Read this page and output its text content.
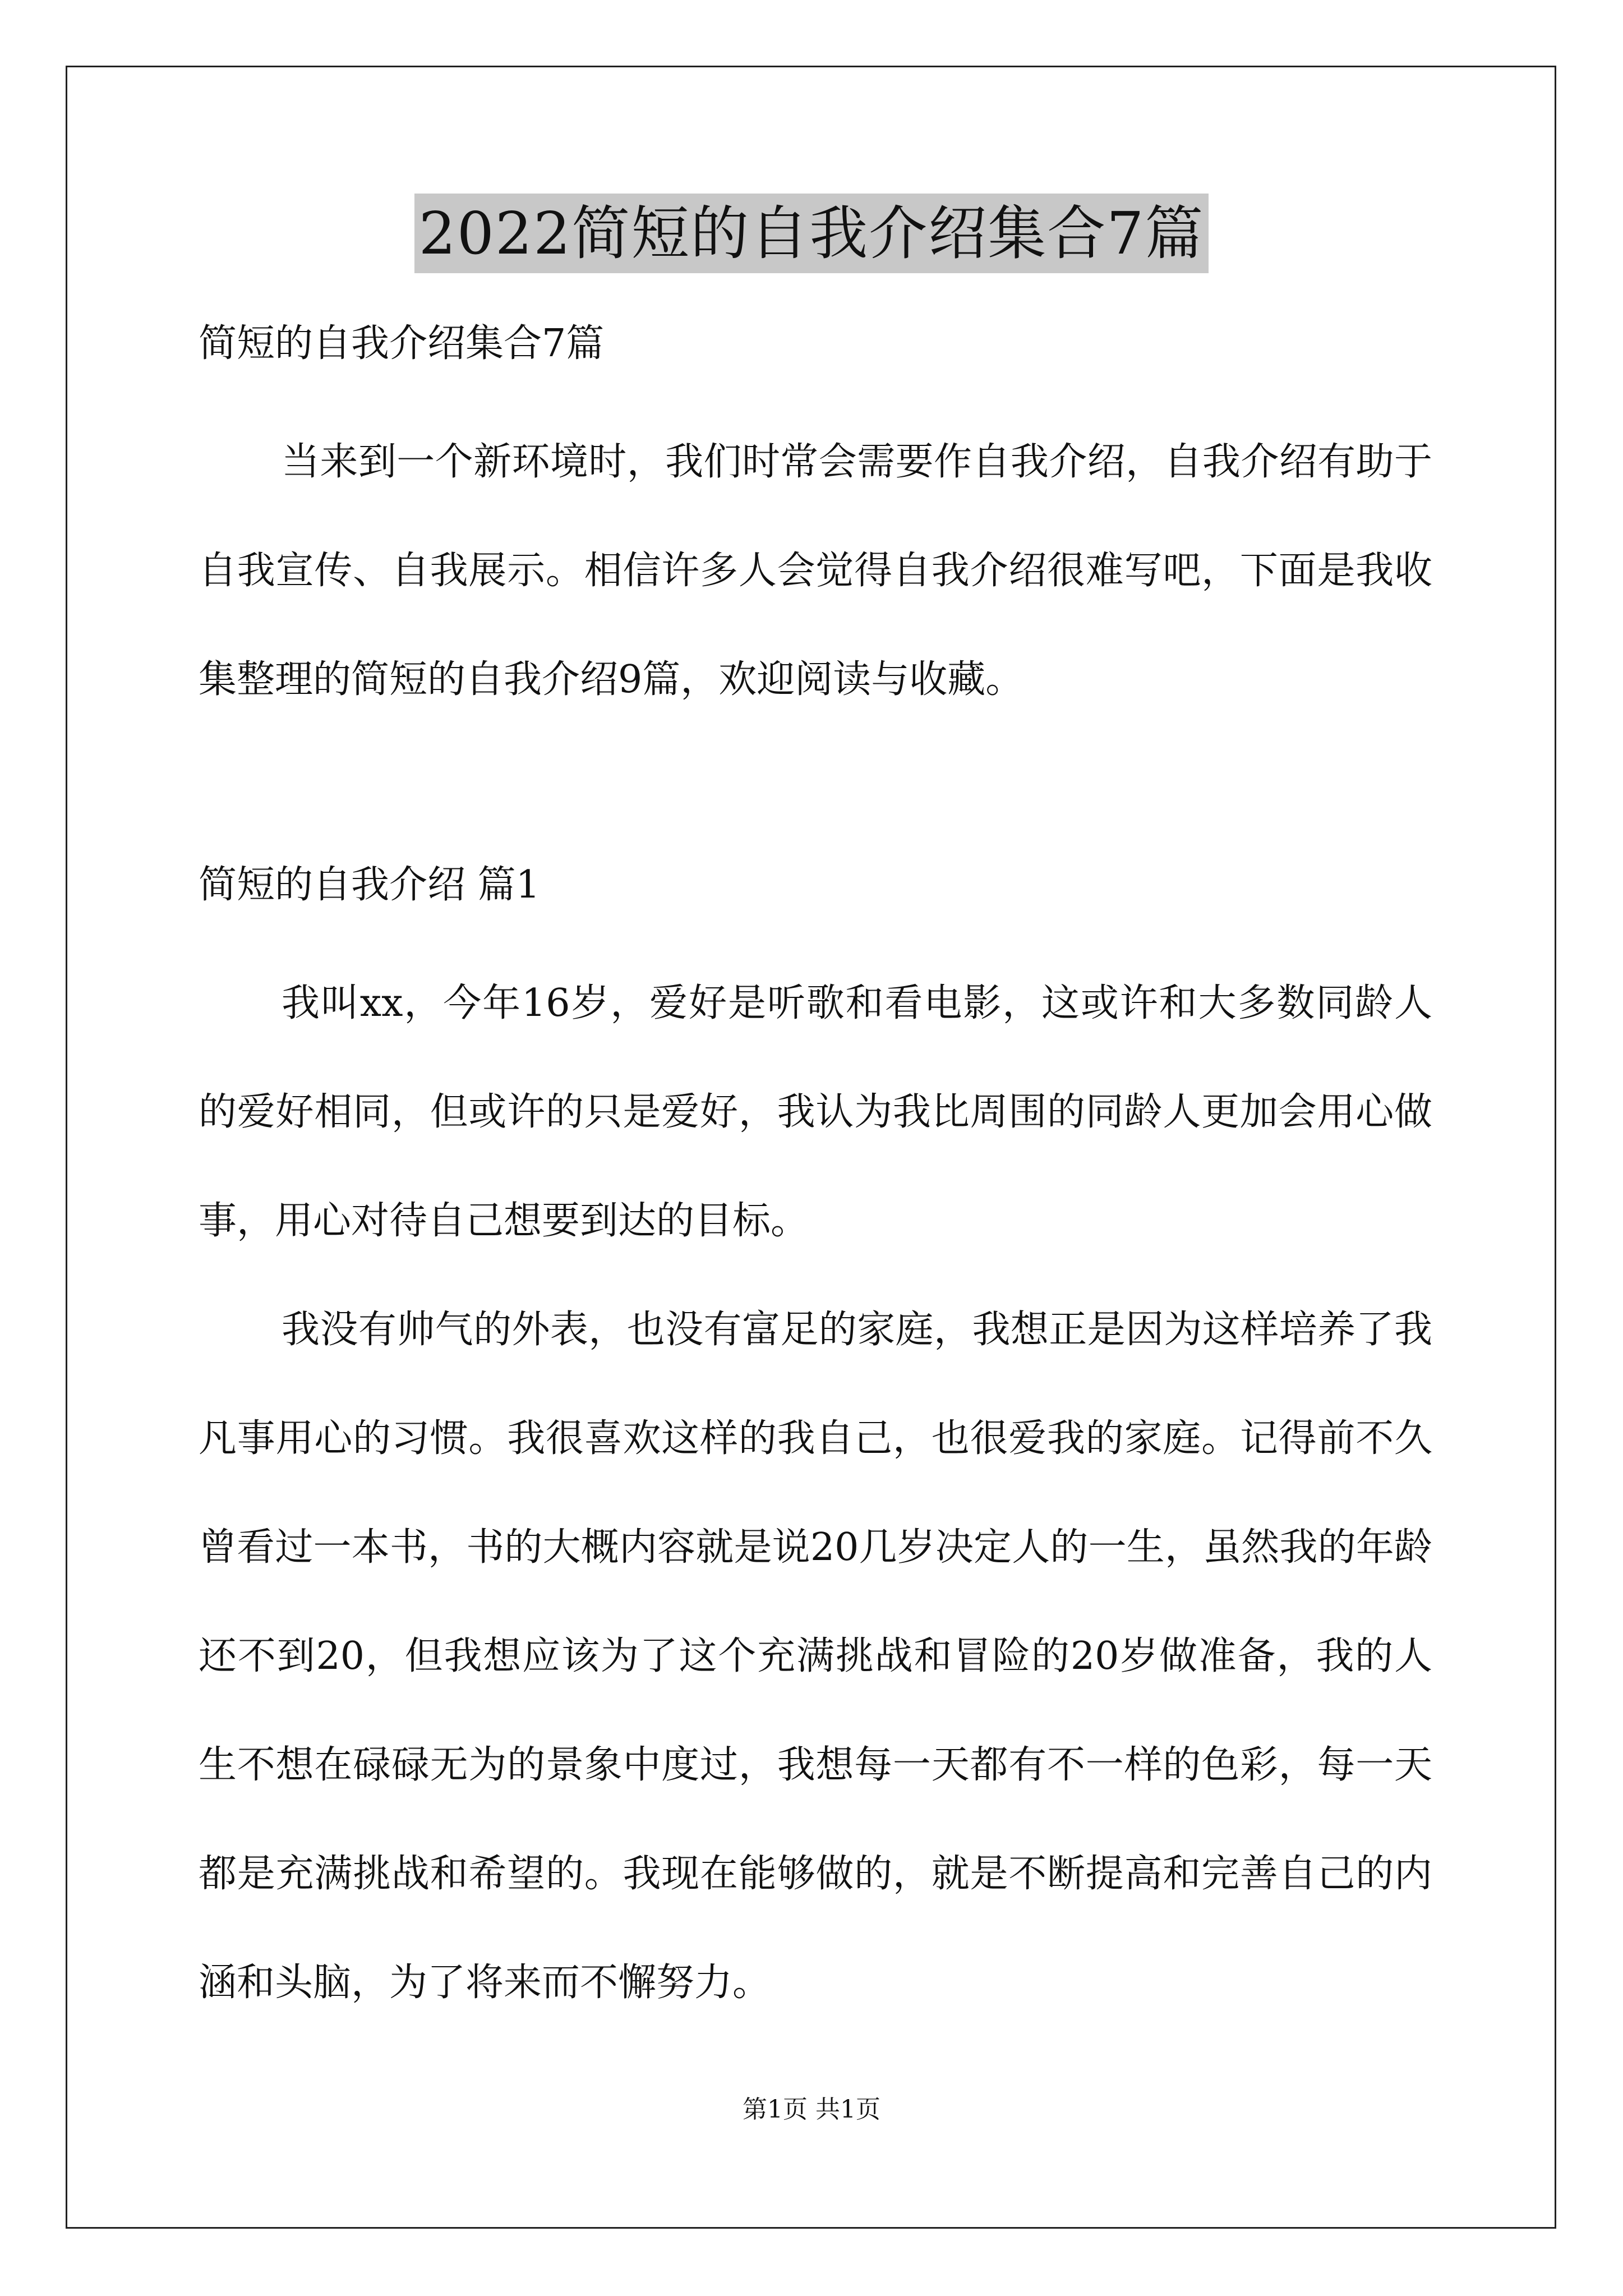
2022简短的自我介绍集合7篇

简短的自我介绍集合7篇

当来到一个新环境时，我们时常会需要作自我介绍，自我介绍有助于自我宣传、自我展示。相信许多人会觉得自我介绍很难写吧，下面是我收集整理的简短的自我介绍9篇，欢迎阅读与收藏。

简短的自我介绍 篇1

我叫xx，今年16岁，爱好是听歌和看电影，这或许和大多数同龄人的爱好相同，但或许的只是爱好，我认为我比周围的同龄人更加会用心做事，用心对待自己想要到达的目标。

我没有帅气的外表，也没有富足的家庭，我想正是因为这样培养了我凡事用心的习惯。我很喜欢这样的我自己，也很爱我的家庭。记得前不久曾看过一本书，书的大概内容就是说20几岁决定人的一生，虽然我的年龄还不到20，但我想应该为了这个充满挑战和冒险的20岁做准备，我的人生不想在碌碌无为的景象中度过，我想每一天都有不一样的色彩，每一天都是充满挑战和希望的。我现在能够做的，就是不断提高和完善自己的内涵和头脑，为了将来而不懈努力。

第1页 共1页
